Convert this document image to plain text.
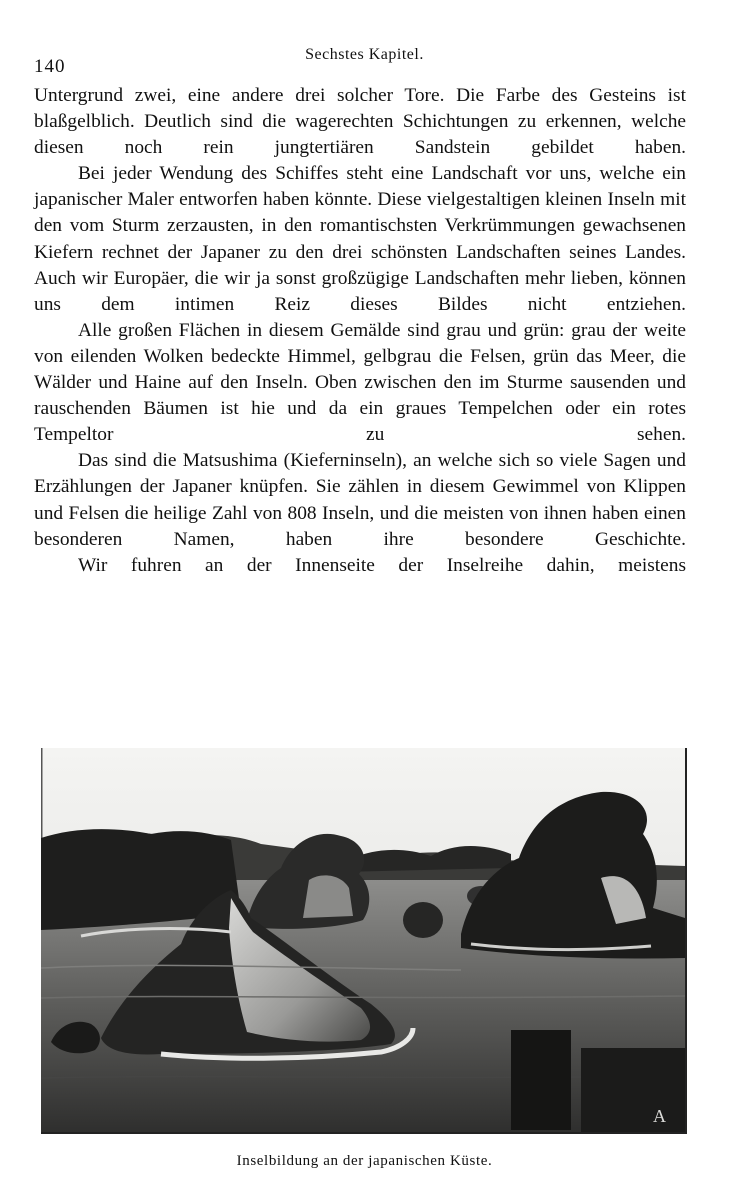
140
Sechstes Kapitel.

Untergrund zwei, eine andere drei solcher Tore. Die Farbe des Gesteins ist blaßgelblich. Deutlich sind die wagerechten Schichtungen zu erkennen, welche diesen noch rein jungtertiären Sandstein gebildet haben.

Bei jeder Wendung des Schiffes steht eine Landschaft vor uns, welche ein japanischer Maler entworfen haben könnte. Diese vielgestaltigen kleinen Inseln mit den vom Sturm zerzausten, in den romantischsten Verkrümmungen gewachsenen Kiefern rechnet der Japaner zu den drei schönsten Landschaften seines Landes. Auch wir Europäer, die wir ja sonst großzügige Landschaften mehr lieben, können uns dem intimen Reiz dieses Bildes nicht entziehen.

Alle großen Flächen in diesem Gemälde sind grau und grün: grau der weite von eilenden Wolken bedeckte Himmel, gelbgrau die Felsen, grün das Meer, die Wälder und Haine auf den Inseln. Oben zwischen den im Sturme sausenden und rauschenden Bäumen ist hie und da ein graues Tempelchen oder ein rotes Tempeltor zu sehen.

Das sind die Matsushima (Kieferninseln), an welche sich so viele Sagen und Erzählungen der Japaner knüpfen. Sie zählen in diesem Gewimmel von Klippen und Felsen die heilige Zahl von 808 Inseln, und die meisten von ihnen haben einen besonderen Namen, haben ihre besondere Geschichte.

Wir fuhren an der Innenseite der Inselreihe dahin, meistens

A
Inselbildung an der japanischen Küste.
